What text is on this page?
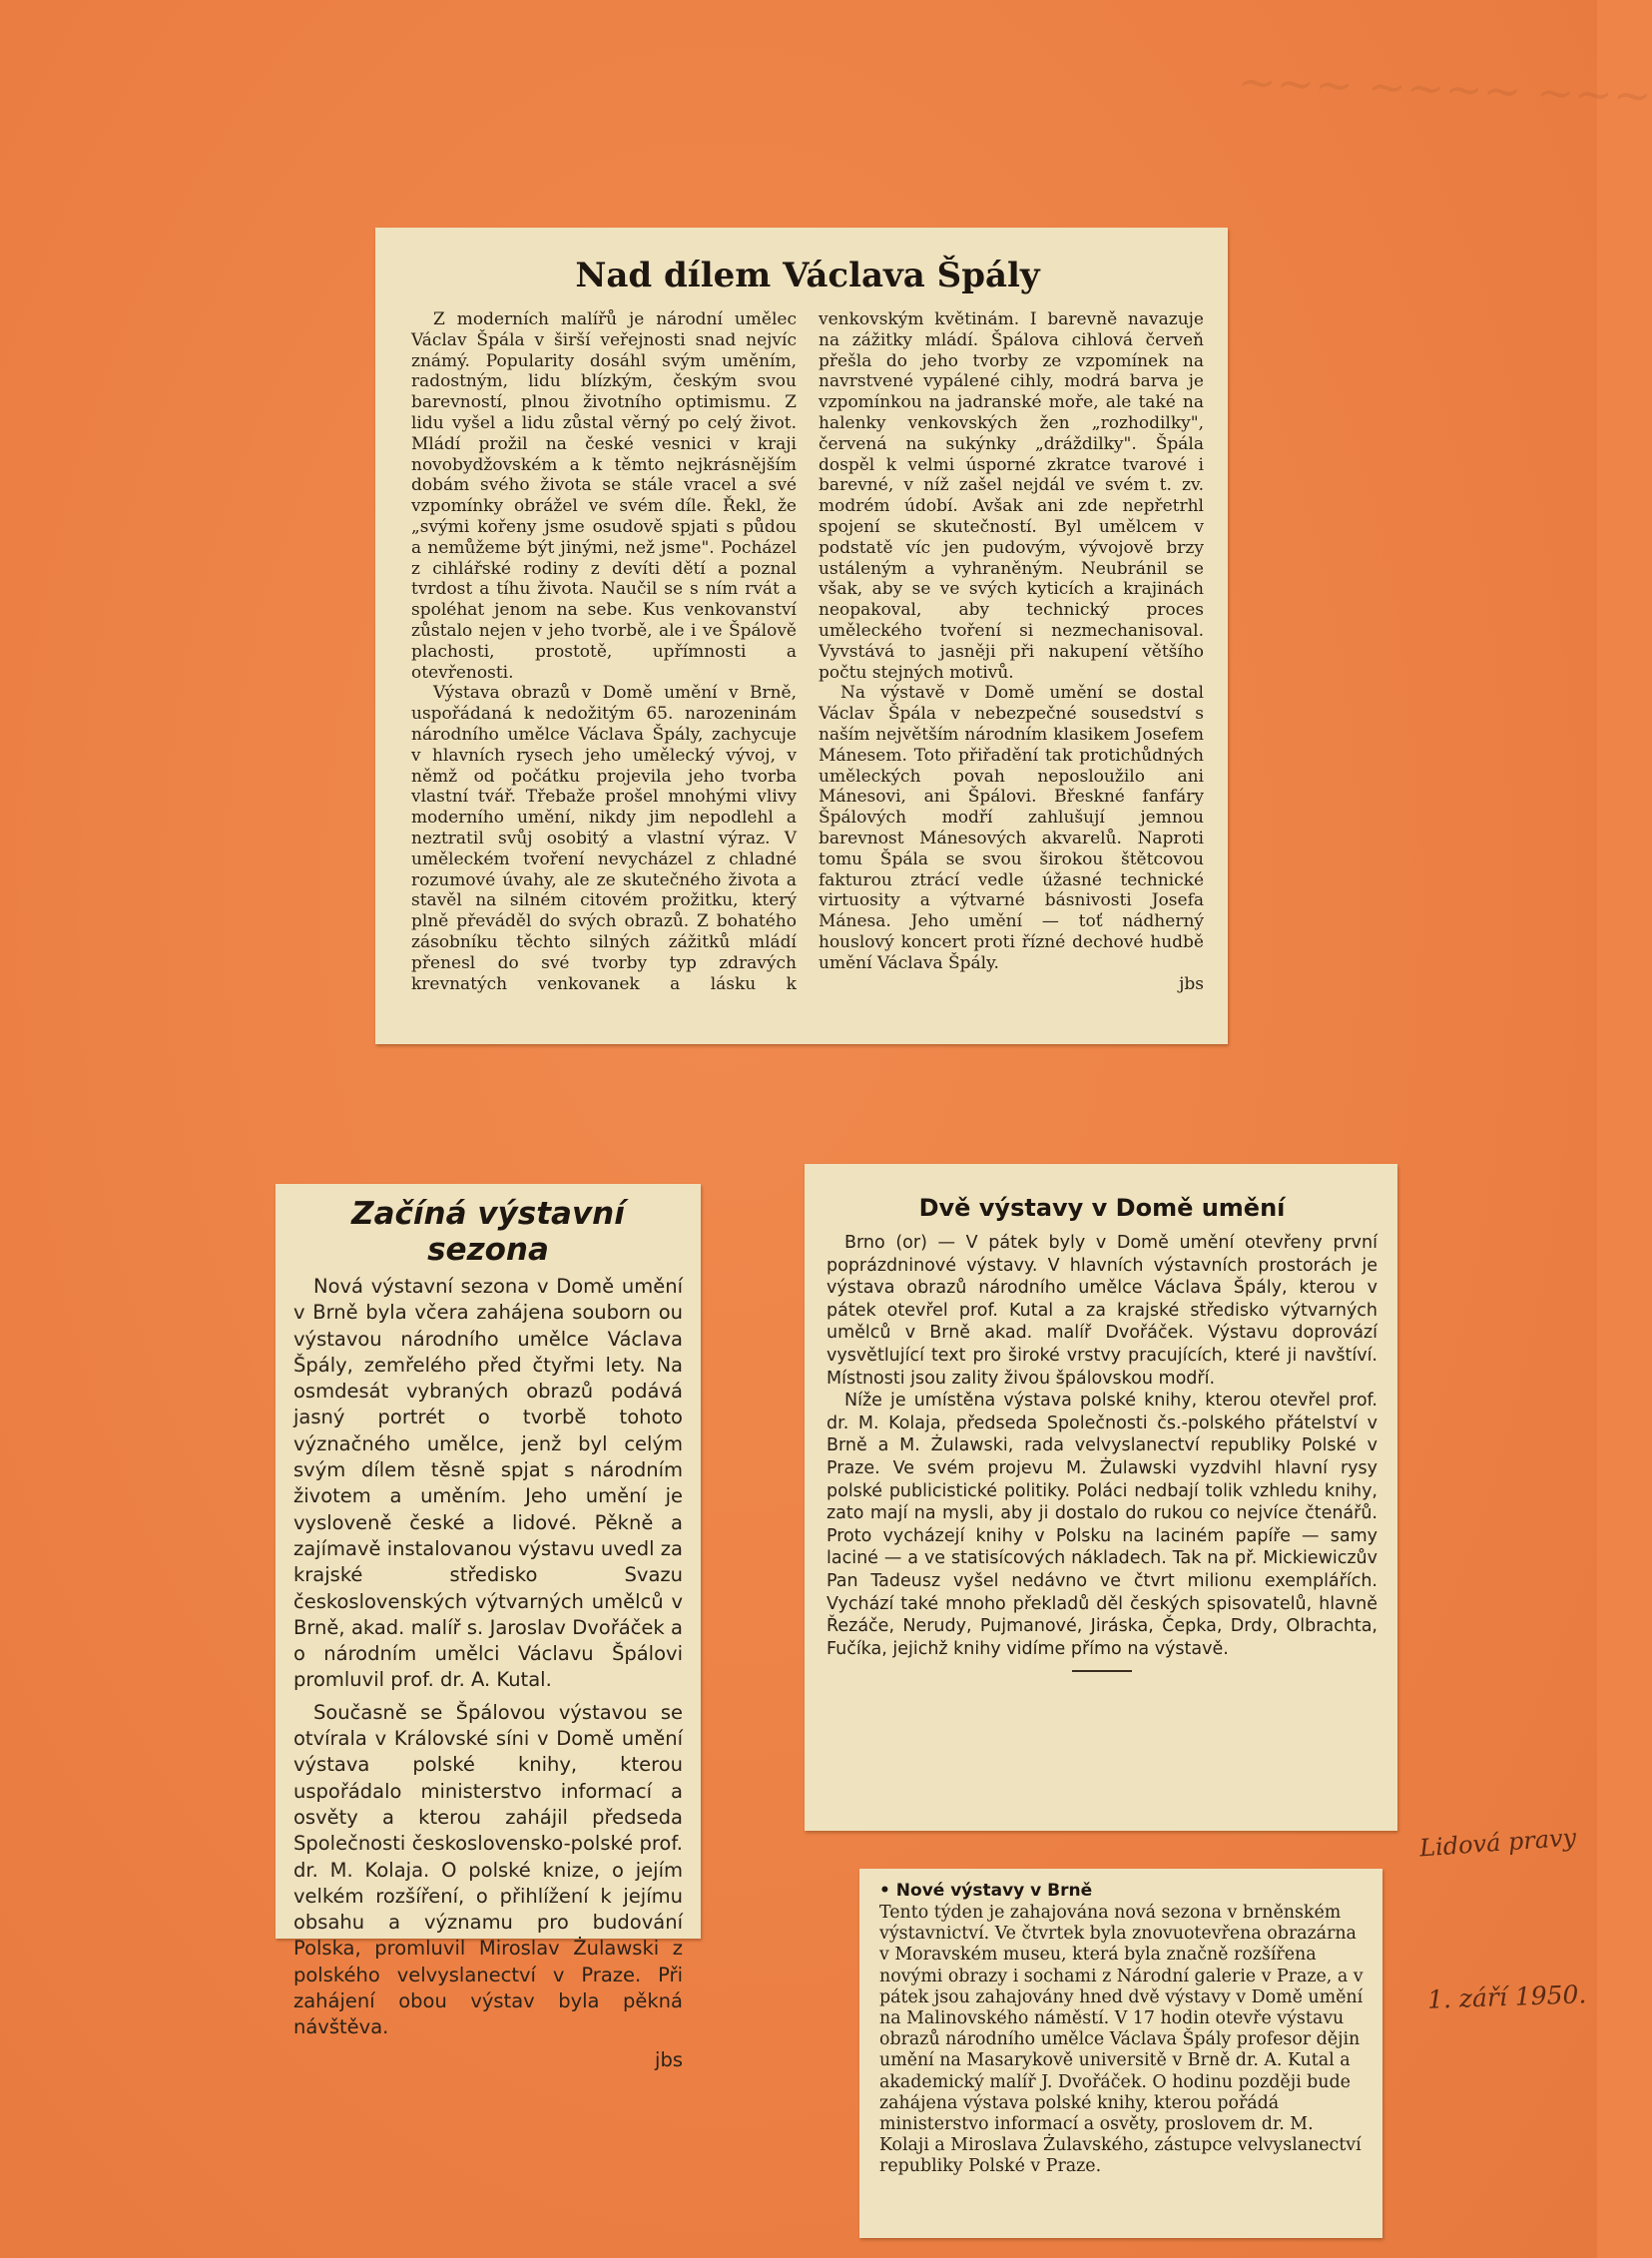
~~~ ~~~~ ~~~
Nad dílem Václava Špály

Z moderních malířů je národní umělec Václav Špála v širší veřejnosti snad nejvíc známý. Popularity dosáhl svým uměním, radostným, lidu blízkým, českým svou barevností, plnou životního optimismu. Z lidu vyšel a lidu zůstal věrný po celý život. Mládí prožil na české vesnici v kraji novobydžovském a k těmto nejkrásnějším dobám svého života se stále vracel a své vzpomínky obrážel ve svém díle. Řekl, že „svými kořeny jsme osudově spjati s půdou a nemůžeme být jinými, než jsme". Pocházel z cihlářské rodiny z devíti dětí a poznal tvrdost a tíhu života. Naučil se s ním rvát a spoléhat jenom na sebe. Kus venkovanství zůstalo nejen v jeho tvorbě, ale i ve Špálově plachosti, prostotě, upřímnosti a otevřenosti.

Výstava obrazů v Domě umění v Brně, uspořádaná k nedožitým 65. narozeninám národního umělce Václava Špály, zachycuje v hlavních rysech jeho umělecký vývoj, v němž od počátku projevila jeho tvorba vlastní tvář. Třebaže prošel mnohými vlivy moderního umění, nikdy jim nepodlehl a neztratil svůj osobitý a vlastní výraz. V uměleckém tvoření nevycházel z chladné rozumové úvahy, ale ze skutečného života a stavěl na silném citovém prožitku, který plně převáděl do svých obrazů. Z bohatého zásobníku těchto silných zážitků mládí přenesl do své tvorby typ zdravých krevnatých venkovanek a lásku k venkovským květinám. I barevně navazuje na zážitky mládí. Špálova cihlová červeň přešla do jeho tvorby ze vzpomínek na navrstvené vypálené cihly, modrá barva je vzpomínkou na jadranské moře, ale také na halenky venkovských žen „rozhodilky", červená na sukýnky „dráždilky". Špála dospěl k velmi úsporné zkratce tvarové i barevné, v níž zašel nejdál ve svém t. zv. modrém údobí. Avšak ani zde nepřetrhl spojení se skutečností. Byl umělcem v podstatě víc jen pudovým, vývojově brzy ustáleným a vyhraněným. Neubránil se však, aby se ve svých kyticích a krajinách neopakoval, aby technický proces uměleckého tvoření si nezmechanisoval. Vyvstává to jasněji při nakupení většího počtu stejných motivů.

Na výstavě v Domě umění se dostal Václav Špála v nebezpečné sousedství s naším největším národním klasikem Josefem Mánesem. Toto přiřadění tak protichůdných uměleckých povah neposloužilo ani Mánesovi, ani Špálovi. Břeskné fanfáry Špálových modří zahlušují jemnou barevnost Mánesových akvarelů. Naproti tomu Špála se svou širokou štětcovou fakturou ztrácí vedle úžasné technické virtuosity a výtvarné básnivosti Josefa Mánesa. Jeho umění — toť nádherný houslový koncert proti řízné dechové hudbě umění Václava Špály.

jbs

Začíná výstavní sezona

Nová výstavní sezona v Domě umění v Brně byla včera zahájena souborn ou výstavou národního umělce Václava Špály, zemřelého před čtyřmi lety. Na osmdesát vybraných obrazů podává jasný portrét o tvorbě tohoto význačného umělce, jenž byl celým svým dílem těsně spjat s národním životem a uměním. Jeho umění je vysloveně české a lidové. Pěkně a zajímavě instalovanou výstavu uvedl za krajské středisko Svazu československých výtvarných umělců v Brně, akad. malíř s. Jaroslav Dvořáček a o národním umělci Václavu Špálovi promluvil prof. dr. A. Kutal.

Současně se Špálovou výstavou se otvírala v Královské síni v Domě umění výstava polské knihy, kterou uspořádalo ministerstvo informací a osvěty a kterou zahájil předseda Společnosti československo-polské prof. dr. M. Kolaja. O polské knize, o jejím velkém rozšíření, o přihlížení k jejímu obsahu a významu pro budování Polska, promluvil Miroslav Żulawski z polského velvyslanectví v Praze. Při zahájení obou výstav byla pěkná návštěva.

jbs

Dvě výstavy v Domě umění

Brno (or) — V pátek byly v Domě umění otevřeny první poprázdninové výstavy. V hlavních výstavních prostorách je výstava obrazů národního umělce Václava Špály, kterou v pátek otevřel prof. Kutal a za krajské středisko výtvarných umělců v Brně akad. malíř Dvořáček. Výstavu doprovází vysvětlující text pro široké vrstvy pracujících, které ji navštíví. Místnosti jsou zality živou špálovskou modří.

Níže je umístěna výstava polské knihy, kterou otevřel prof. dr. M. Kolaja, předseda Společnosti čs.-polského přátelství v Brně a M. Żulawski, rada velvyslanectví republiky Polské v Praze. Ve svém projevu M. Żulawski vyzdvihl hlavní rysy polské publicistické politiky. Poláci nedbají tolik vzhledu knihy, zato mají na mysli, aby ji dostalo do rukou co nejvíce čtenářů. Proto vycházejí knihy v Polsku na laciném papíře — samy laciné — a ve statisícových nákladech. Tak na př. Mickiewiczův Pan Tadeusz vyšel nedávno ve čtvrt milionu exemplářích. Vychází také mnoho překladů děl českých spisovatelů, hlavně Řezáče, Nerudy, Pujmanové, Jiráska, Čepka, Drdy, Olbrachta, Fučíka, jejichž knihy vidíme přímo na výstavě.

• Nové výstavy v Brně
Tento týden je zahajována nová sezona v brněnském výstavnictví. Ve čtvrtek byla znovuotevřena obrazárna v Moravském museu, která byla značně rozšířena novými obrazy i sochami z Národní galerie v Praze, a v pátek jsou zahajovány hned dvě výstavy v Domě umění na Malinovského náměstí. V 17 hodin otevře výstavu obrazů národního umělce Václava Špály profesor dějin umění na Masarykově universitě v Brně dr. A. Kutal a akademický malíř J. Dvořáček. O hodinu později bude zahájena výstava polské knihy, kterou pořádá ministerstvo informací a osvěty, proslovem dr. M. Kolaji a Miroslava Żulavského, zástupce velvyslanectví republiky Polské v Praze.
Lidová pravy
1. září 1950.
